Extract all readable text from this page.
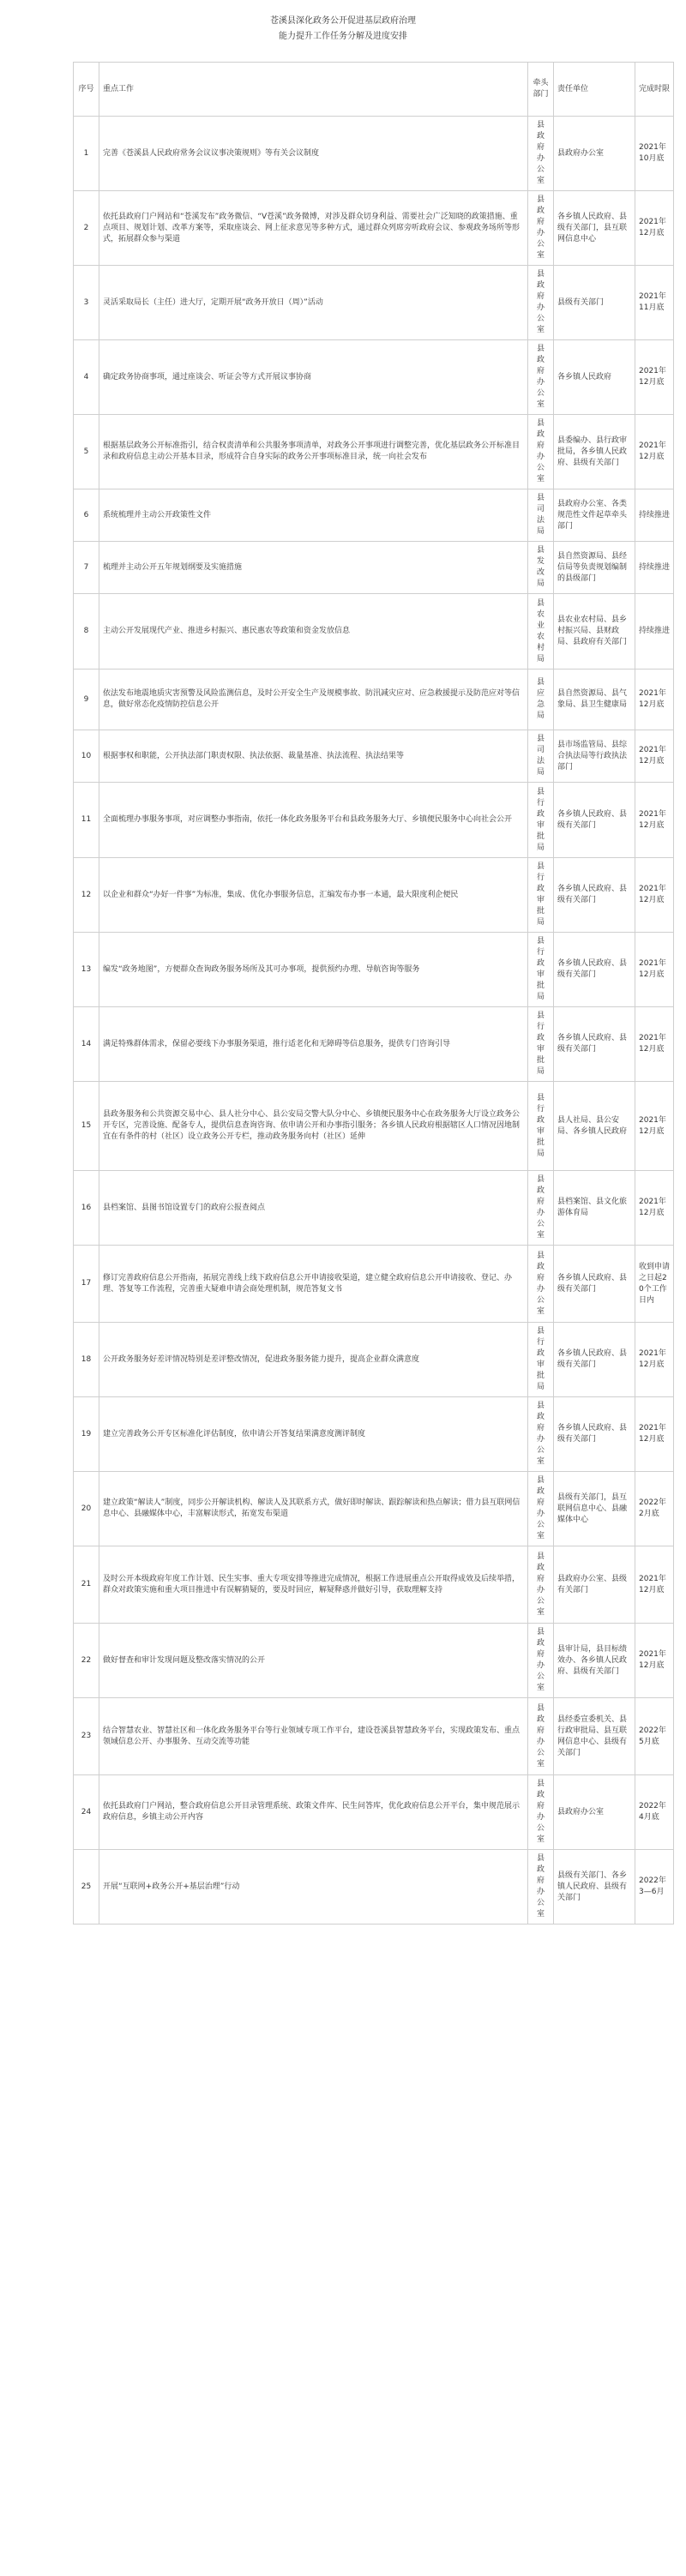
苍溪县深化政务公开促进基层政府治理
能力提升工作任务分解及进度安排
序号	重点工作	牵头部门	责任单位	完成时限
1	完善《苍溪县人民政府常务会议议事决策规则》等有关会议制度	县政府办公室	县政府办公室	2021年10月底
2	依托县政府门户网站和“苍溪发布”政务微信、“V苍溪”政务微博，对涉及群众切身利益、需要社会广泛知晓的政策措施、重点项目、规划计划、改革方案等，采取座谈会、网上征求意见等多种方式，通过群众列席旁听政府会议、参观政务场所等形式，拓展群众参与渠道	县政府办公室	各乡镇人民政府、县级有关部门，县互联网信息中心	2021年12月底
3	灵活采取局长（主任）进大厅，定期开展“政务开放日（周）”活动	县政府办公室	县级有关部门	2021年11月底
4	确定政务协商事项，通过座谈会、听证会等方式开展议事协商	县政府办公室	各乡镇人民政府	2021年12月底
5	根据基层政务公开标准指引，结合权责清单和公共服务事项清单，对政务公开事项进行调整完善，优化基层政务公开标准目录和政府信息主动公开基本目录，形成符合自身实际的政务公开事项标准目录，统一向社会发布	县政府办公室	县委编办、县行政审批局，各乡镇人民政府、县级有关部门	2021年12月底
6	系统梳理并主动公开政策性文件	县司法局	县政府办公室、各类规范性文件起草牵头部门	持续推进
7	梳理并主动公开五年规划纲要及实施措施	县发改局	县自然资源局、县经信局等负责规划编制的县级部门	持续推进
8	主动公开发展现代产业、推进乡村振兴、惠民惠农等政策和资金发放信息	县农业农村局	县农业农村局、县乡村振兴局、县财政局、县政府有关部门	持续推进
9	依法发布地震地质灾害预警及风险监测信息，及时公开安全生产及规模事故、防汛减灾应对、应急救援提示及防范应对等信息，做好常态化疫情防控信息公开	县应急局	县自然资源局、县气象局、县卫生健康局	2021年12月底
10	根据事权和职能，公开执法部门职责权限、执法依据、裁量基准、执法流程、执法结果等	县司法局	县市场监管局、县综合执法局等行政执法部门	2021年12月底
11	全面梳理办事服务事项，对应调整办事指南，依托一体化政务服务平台和县政务服务大厅、乡镇便民服务中心向社会公开	县行政审批局	各乡镇人民政府、县级有关部门	2021年12月底
12	以企业和群众“办好一件事”为标准，集成、优化办事服务信息，汇编发布办事一本通，最大限度利企便民	县行政审批局	各乡镇人民政府、县级有关部门	2021年12月底
13	编发“政务地图”，方便群众查询政务服务场所及其可办事项，提供预约办理、导航咨询等服务	县行政审批局	各乡镇人民政府、县级有关部门	2021年12月底
14	满足特殊群体需求，保留必要线下办事服务渠道，推行适老化和无障碍等信息服务，提供专门咨询引导	县行政审批局	各乡镇人民政府、县级有关部门	2021年12月底
15	县政务服务和公共资源交易中心、县人社分中心、县公安局交警大队分中心、乡镇便民服务中心在政务服务大厅设立政务公开专区，完善设施、配备专人，提供信息查询咨询、依申请公开和办事指引服务；各乡镇人民政府根据辖区人口情况因地制宜在有条件的村（社区）设立政务公开专栏，推动政务服务向村（社区）延伸	县行政审批局	县人社局、县公安局、各乡镇人民政府	2021年12月底
16	县档案馆、县图书馆设置专门的政府公报查阅点	县政府办公室	县档案馆、县文化旅游体育局	2021年12月底
17	修订完善政府信息公开指南，拓展完善线上线下政府信息公开申请接收渠道，建立健全政府信息公开申请接收、登记、办理、答复等工作流程，完善重大疑难申请会商处理机制，规范答复文书	县政府办公室	各乡镇人民政府、县级有关部门	收到申请之日起20个工作日内
18	公开政务服务好差评情况特别是差评整改情况，促进政务服务能力提升，提高企业群众满意度	县行政审批局	各乡镇人民政府、县级有关部门	2021年12月底
19	建立完善政务公开专区标准化评估制度，依申请公开答复结果满意度测评制度	县政府办公室	各乡镇人民政府、县级有关部门	2021年12月底
20	建立政策“解读人”制度，同步公开解读机构、解读人及其联系方式，做好即时解读、跟踪解读和热点解读；借力县互联网信息中心、县融媒体中心，丰富解读形式，拓宽发布渠道	县政府办公室	县级有关部门，县互联网信息中心、县融媒体中心	2022年2月底
21	及时公开本级政府年度工作计划、民生实事、重大专项安排等推进完成情况，根据工作进展重点公开取得成效及后续举措，群众对政策实施和重大项目推进中有误解猜疑的，要及时回应，解疑释惑并做好引导，获取理解支持	县政府办公室	县政府办公室、县级有关部门	2021年12月底
22	做好督查和审计发现问题及整改落实情况的公开	县政府办公室	县审计局，县目标绩效办、各乡镇人民政府、县级有关部门	2021年12月底
23	结合智慧农业、智慧社区和一体化政务服务平台等行业领域专项工作平台，建设苍溪县智慧政务平台，实现政策发布、重点领域信息公开、办事服务、互动交流等功能	县政府办公室	县经委宣委机关、县行政审批局、县互联网信息中心、县级有关部门	2022年5月底
24	依托县政府门户网站，整合政府信息公开目录管理系统、政策文件库、民生问答库，优化政府信息公开平台，集中规范展示政府信息，乡镇主动公开内容	县政府办公室	县政府办公室	2022年4月底
25	开展“互联网+政务公开+基层治理”行动	县政府办公室	县级有关部门、各乡镇人民政府、县级有关部门	2022年3—6月
